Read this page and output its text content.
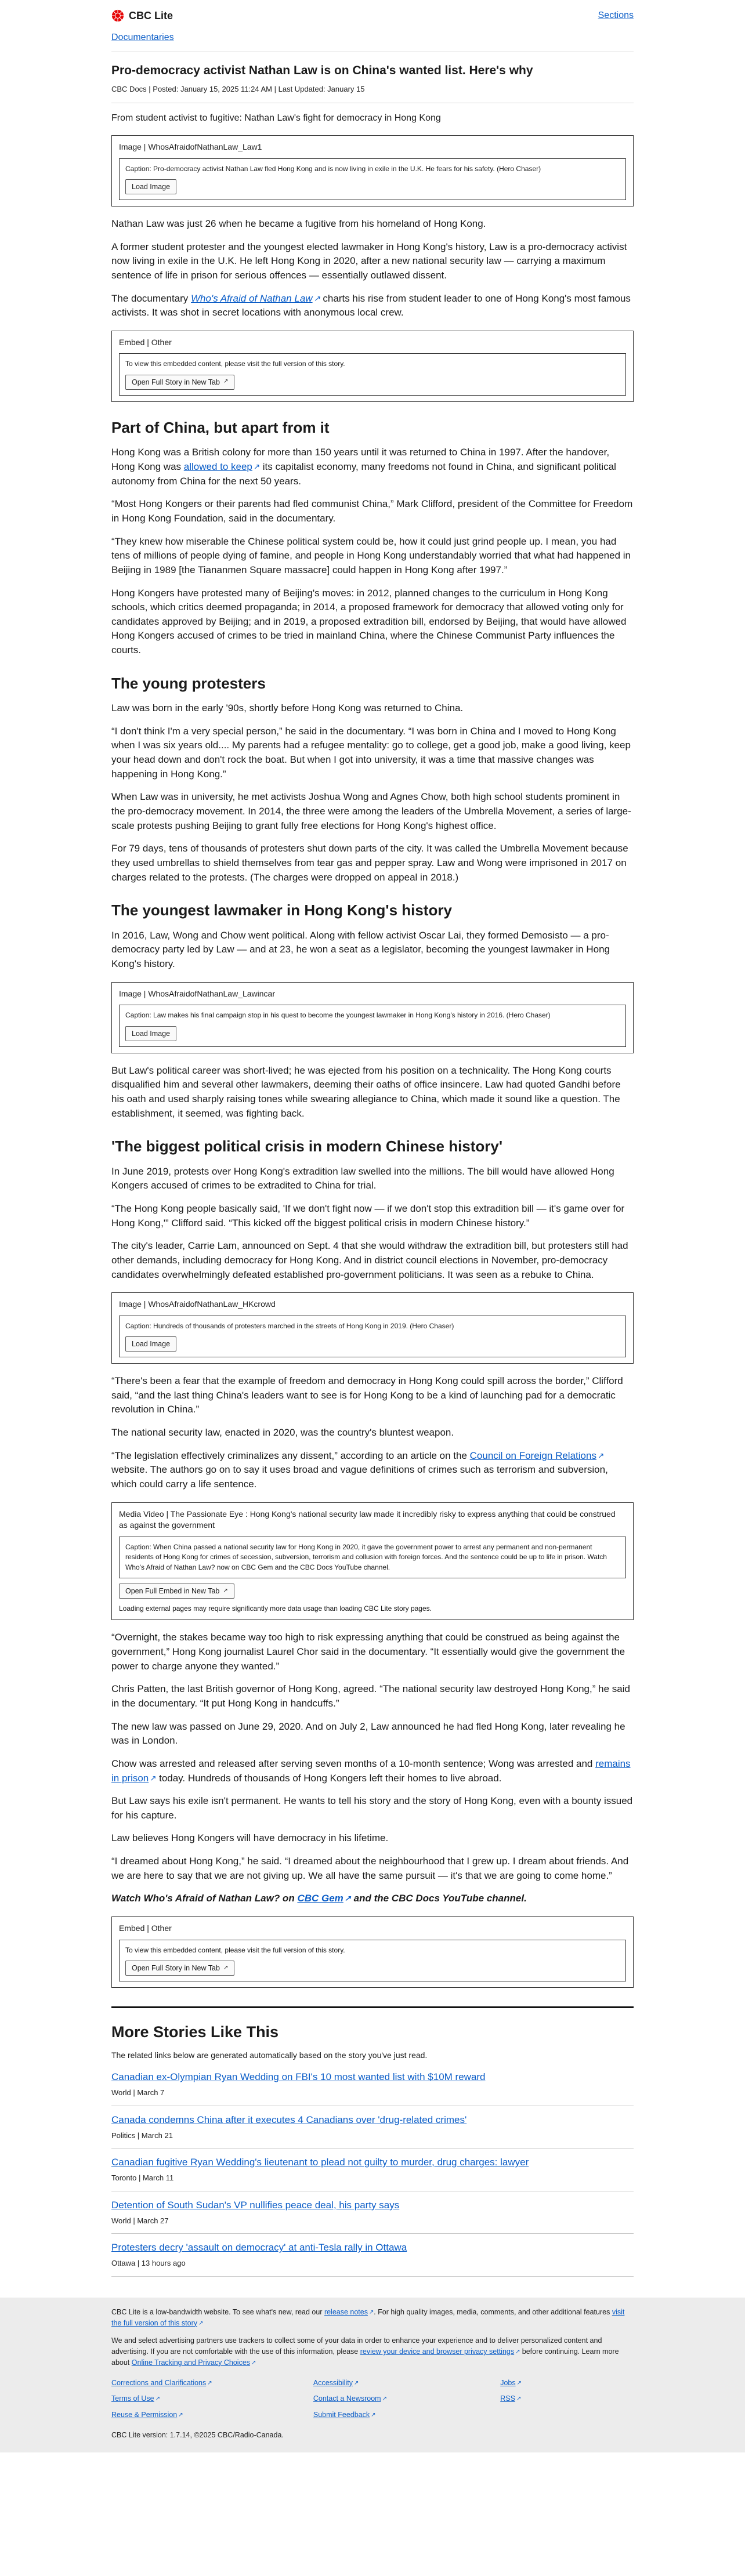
CBC Lite	Sections
Documentaries
Pro-democracy activist Nathan Law is on China's wanted list. Here's why

CBC Docs | Posted: January 15, 2025 11:24 AM | Last Updated: January 15

From student activist to fugitive: Nathan Law's fight for democracy in Hong Kong

Image | WhosAfraidofNathanLaw_Law1
Caption: Pro-democracy activist Nathan Law fled Hong Kong and is now living in exile in the U.K. He fears for his safety. (Hero Chaser)
Load Image

Nathan Law was just 26 when he became a fugitive from his homeland of Hong Kong.

A former student protester and the youngest elected lawmaker in Hong Kong's history, Law is a pro-democracy activist now living in exile in the U.K. He left Hong Kong in 2020, after a new national security law — carrying a maximum sentence of life in prison for serious offences — essentially outlawed dissent.

The documentary Who's Afraid of Nathan Law ↗ charts his rise from student leader to one of Hong Kong's most famous activists. It was shot in secret locations with anonymous local crew.

Embed | Other
To view this embedded content, please visit the full version of this story.
Open Full Story in New Tab ↗
Part of China, but apart from it

Hong Kong was a British colony for more than 150 years until it was returned to China in 1997. After the handover, Hong Kong was allowed to keep ↗ its capitalist economy, many freedoms not found in China, and significant political autonomy from China for the next 50 years.

“Most Hong Kongers or their parents had fled communist China,” Mark Clifford, president of the Committee for Freedom in Hong Kong Foundation, said in the documentary.

“They knew how miserable the Chinese political system could be, how it could just grind people up. I mean, you had tens of millions of people dying of famine, and people in Hong Kong understandably worried that what had happened in Beijing in 1989 [the Tiananmen Square massacre] could happen in Hong Kong after 1997.”

Hong Kongers have protested many of Beijing's moves: in 2012, planned changes to the curriculum in Hong Kong schools, which critics deemed propaganda; in 2014, a proposed framework for democracy that allowed voting only for candidates approved by Beijing; and in 2019, a proposed extradition bill, endorsed by Beijing, that would have allowed Hong Kongers accused of crimes to be tried in mainland China, where the Chinese Communist Party influences the courts.

The young protesters

Law was born in the early '90s, shortly before Hong Kong was returned to China.

“I don't think I'm a very special person,” he said in the documentary. “I was born in China and I moved to Hong Kong when I was six years old.... My parents had a refugee mentality: go to college, get a good job, make a good living, keep your head down and don't rock the boat. But when I got into university, it was a time that massive changes was happening in Hong Kong.”

When Law was in university, he met activists Joshua Wong and Agnes Chow, both high school students prominent in the pro-democracy movement. In 2014, the three were among the leaders of the Umbrella Movement, a series of large-scale protests pushing Beijing to grant fully free elections for Hong Kong's highest office.

For 79 days, tens of thousands of protesters shut down parts of the city. It was called the Umbrella Movement because they used umbrellas to shield themselves from tear gas and pepper spray. Law and Wong were imprisoned in 2017 on charges related to the protests. (The charges were dropped on appeal in 2018.)

The youngest lawmaker in Hong Kong's history

In 2016, Law, Wong and Chow went political. Along with fellow activist Oscar Lai, they formed Demosisto — a pro-democracy party led by Law — and at 23, he won a seat as a legislator, becoming the youngest lawmaker in Hong Kong's history.

Image | WhosAfraidofNathanLaw_Lawincar
Caption: Law makes his final campaign stop in his quest to become the youngest lawmaker in Hong Kong's history in 2016. (Hero Chaser)
Load Image

But Law's political career was short-lived; he was ejected from his position on a technicality. The Hong Kong courts disqualified him and several other lawmakers, deeming their oaths of office insincere. Law had quoted Gandhi before his oath and used sharply raising tones while swearing allegiance to China, which made it sound like a question. The establishment, it seemed, was fighting back.

'The biggest political crisis in modern Chinese history'

In June 2019, protests over Hong Kong's extradition law swelled into the millions. The bill would have allowed Hong Kongers accused of crimes to be extradited to China for trial.

“The Hong Kong people basically said, 'If we don't fight now — if we don't stop this extradition bill — it's game over for Hong Kong,'” Clifford said. “This kicked off the biggest political crisis in modern Chinese history.”

The city's leader, Carrie Lam, announced on Sept. 4 that she would withdraw the extradition bill, but protesters still had other demands, including democracy for Hong Kong. And in district council elections in November, pro-democracy candidates overwhelmingly defeated established pro-government politicians. It was seen as a rebuke to China.

Image | WhosAfraidofNathanLaw_HKcrowd
Caption: Hundreds of thousands of protesters marched in the streets of Hong Kong in 2019. (Hero Chaser)
Load Image

“There's been a fear that the example of freedom and democracy in Hong Kong could spill across the border,” Clifford said, “and the last thing China's leaders want to see is for Hong Kong to be a kind of launching pad for a democratic revolution in China.”

The national security law, enacted in 2020, was the country's bluntest weapon.

“The legislation effectively criminalizes any dissent,” according to an article on the Council on Foreign Relations ↗ website. The authors go on to say it uses broad and vague definitions of crimes such as terrorism and subversion, which could carry a life sentence.

Media Video | The Passionate Eye : Hong Kong's national security law made it incredibly risky to express anything that could be construed as against the government
Caption: When China passed a national security law for Hong Kong in 2020, it gave the government power to arrest any permanent and non-permanent residents of Hong Kong for crimes of secession, subversion, terrorism and collusion with foreign forces. And the sentence could be up to life in prison. Watch Who's Afraid of Nathan Law? now on CBC Gem and the CBC Docs YouTube channel.
Open Full Embed in New Tab ↗
Loading external pages may require significantly more data usage than loading CBC Lite story pages.

“Overnight, the stakes became way too high to risk expressing anything that could be construed as being against the government,” Hong Kong journalist Laurel Chor said in the documentary. “It essentially would give the government the power to charge anyone they wanted.”

Chris Patten, the last British governor of Hong Kong, agreed. “The national security law destroyed Hong Kong,” he said in the documentary. “It put Hong Kong in handcuffs.”

The new law was passed on June 29, 2020. And on July 2, Law announced he had fled Hong Kong, later revealing he was in London.

Chow was arrested and released after serving seven months of a 10-month sentence; Wong was arrested and remains in prison ↗ today. Hundreds of thousands of Hong Kongers left their homes to live abroad.

But Law says his exile isn't permanent. He wants to tell his story and the story of Hong Kong, even with a bounty issued for his capture.

Law believes Hong Kongers will have democracy in his lifetime.

“I dreamed about Hong Kong,” he said. “I dreamed about the neighbourhood that I grew up. I dream about friends. And we are here to say that we are not giving up. We all have the same pursuit — it's that we are going to come home.”

Watch Who's Afraid of Nathan Law? on CBC Gem ↗ and the CBC Docs YouTube channel.

Embed | Other
To view this embedded content, please visit the full version of this story.
Open Full Story in New Tab ↗
More Stories Like This

The related links below are generated automatically based on the story you've just read.

Canadian ex-Olympian Ryan Wedding on FBI's 10 most wanted list with $10M reward
World | March 7
Canada condemns China after it executes 4 Canadians over 'drug-related crimes'
Politics | March 21
Canadian fugitive Ryan Wedding's lieutenant to plead not guilty to murder, drug charges: lawyer
Toronto | March 11
Detention of South Sudan's VP nullifies peace deal, his party says
World | March 27
Protesters decry 'assault on democracy' at anti-Tesla rally in Ottawa
Ottawa | 13 hours ago

CBC Lite is a low-bandwidth website. To see what's new, read our release notes ↗. For high quality images, media, comments, and other additional features visit the full version of this story ↗

We and select advertising partners use trackers to collect some of your data in order to enhance your experience and to deliver personalized content and advertising. If you are not comfortable with the use of this information, please review your device and browser privacy settings ↗ before continuing. Learn more about Online Tracking and Privacy Choices ↗

Corrections and Clarifications ↗	Accessibility ↗	Jobs ↗
Terms of Use ↗	Contact a Newsroom ↗	RSS ↗
Reuse & Permission ↗	Submit Feedback ↗

CBC Lite version: 1.7.14, ©2025 CBC/Radio-Canada.
